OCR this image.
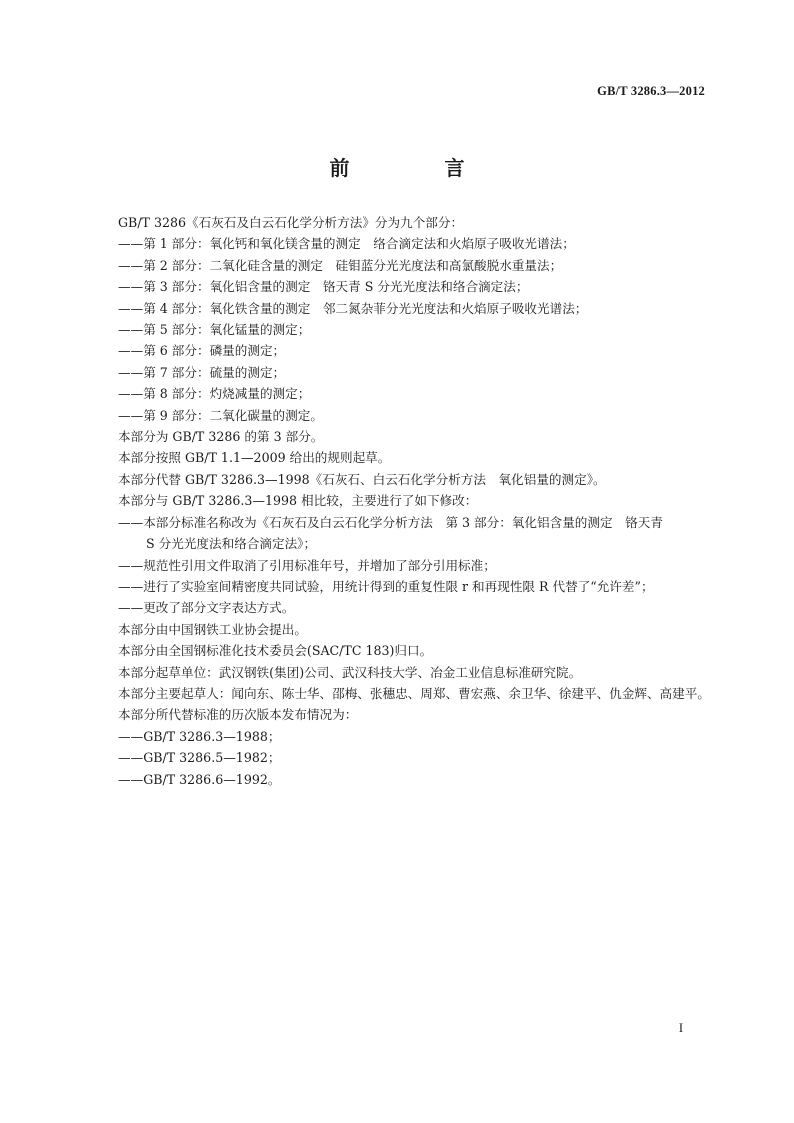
GB/T 3286.3—2012
前 言
GB/T 3286《石灰石及白云石化学分析方法》分为九个部分：
——第 1 部分：氧化钙和氧化镁含量的测定　络合滴定法和火焰原子吸收光谱法；
——第 2 部分：二氧化硅含量的测定　硅钼蓝分光光度法和高氯酸脱水重量法；
——第 3 部分：氧化铝含量的测定　铬天青 S 分光光度法和络合滴定法；
——第 4 部分：氧化铁含量的测定　邻二氮杂菲分光光度法和火焰原子吸收光谱法；
——第 5 部分：氧化锰量的测定；
——第 6 部分：磷量的测定；
——第 7 部分：硫量的测定；
——第 8 部分：灼烧减量的测定；
——第 9 部分：二氧化碳量的测定。
本部分为 GB/T 3286 的第 3 部分。
本部分按照 GB/T 1.1—2009 给出的规则起草。
本部分代替 GB/T 3286.3—1998《石灰石、白云石化学分析方法　氧化铝量的测定》。
本部分与 GB/T 3286.3—1998 相比较，主要进行了如下修改：
——本部分标准名称改为《石灰石及白云石化学分析方法　第 3 部分：氧化铝含量的测定　铬天青
S 分光光度法和络合滴定法》；
——规范性引用文件取消了引用标准年号，并增加了部分引用标准；
——进行了实验室间精密度共同试验，用统计得到的重复性限 r 和再现性限 R 代替了“允许差”；
——更改了部分文字表达方式。
本部分由中国钢铁工业协会提出。
本部分由全国钢标准化技术委员会(SAC/TC 183)归口。
本部分起草单位：武汉钢铁(集团)公司、武汉科技大学、冶金工业信息标准研究院。
本部分主要起草人：闻向东、陈士华、邵梅、张穗忠、周郑、曹宏燕、余卫华、徐建平、仇金辉、高建平。
本部分所代替标准的历次版本发布情况为：
——GB/T 3286.3—1988；
——GB/T 3286.5—1982；
——GB/T 3286.6—1992。
I
